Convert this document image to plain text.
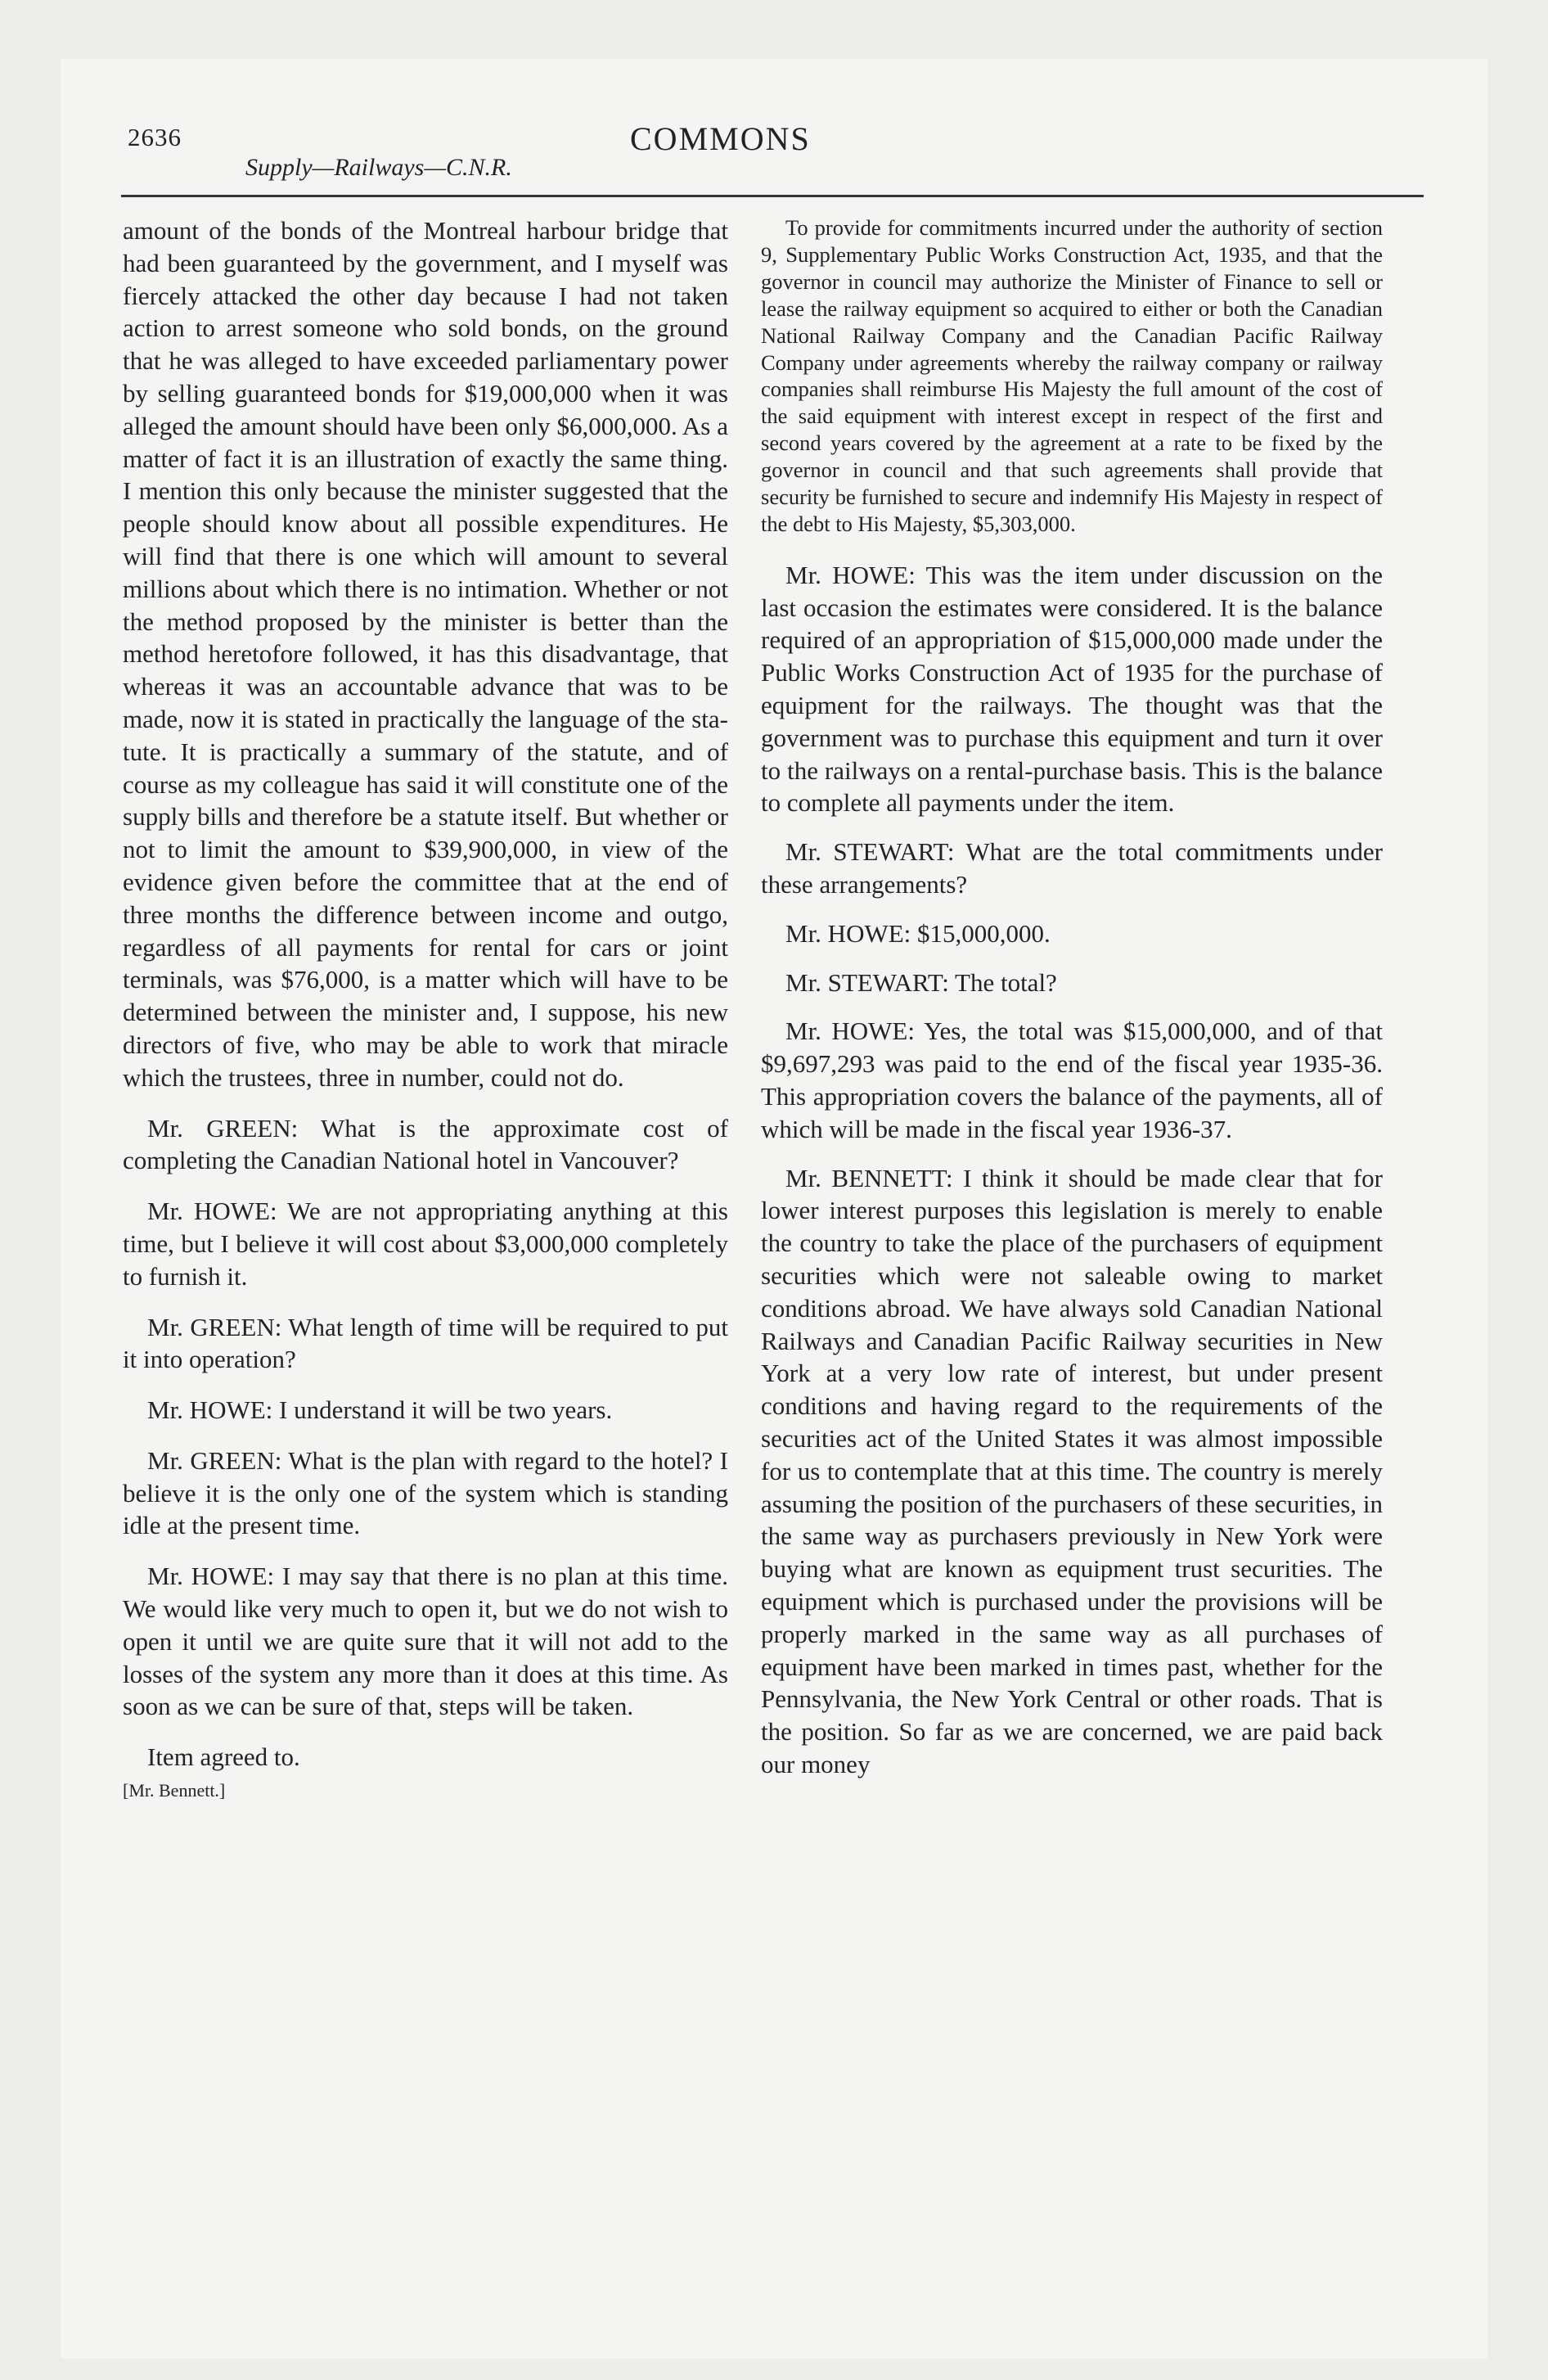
2636
Supply—Railways—C.N.R.
COMMONS

amount of the bonds of the Montreal harbour bridge that had been guaranteed by the government, and I myself was fiercely attacked the other day because I had not taken action to arrest someone who sold bonds, on the ground that he was alleged to have exceeded parliamentary power by selling guaranteed bonds for $19,000,000 when it was alleged the amount should have been only $6,000,000. As a matter of fact it is an illustration of exactly the same thing. I mention this only because the minister suggested that the people should know about all possible expenditures. He will find that there is one which will amount to several millions about which there is no intimation. Whether or not the method proposed by the minister is better than the method heretofore followed, it has this disadvantage, that whereas it was an accountable advance that was to be made, now it is stated in practically the language of the statute. It is practically a summary of the statute, and of course as my colleague has said it will constitute one of the supply bills and therefore be a statute itself. But whether or not to limit the amount to $39,900,000, in view of the evidence given before the committee that at the end of three months the difference between income and outgo, regardless of all payments for rental for cars or joint terminals, was $76,000, is a matter which will have to be determined between the minister and, I suppose, his new directors of five, who may be able to work that miracle which the trustees, three in number, could not do.

Mr. GREEN: What is the approximate cost of completing the Canadian National hotel in Vancouver?

Mr. HOWE: We are not appropriating anything at this time, but I believe it will cost about $3,000,000 completely to furnish it.

Mr. GREEN: What length of time will be required to put it into operation?

Mr. HOWE: I understand it will be two years.

Mr. GREEN: What is the plan with regard to the hotel? I believe it is the only one of the system which is standing idle at the present time.

Mr. HOWE: I may say that there is no plan at this time. We would like very much to open it, but we do not wish to open it until we are quite sure that it will not add to the losses of the system any more than it does at this time. As soon as we can be sure of that, steps will be taken.

Item agreed to.

[Mr. Bennett.]

To provide for commitments incurred under the authority of section 9, Supplementary Public Works Construction Act, 1935, and that the governor in council may authorize the Minister of Finance to sell or lease the railway equipment so acquired to either or both the Canadian National Railway Company and the Canadian Pacific Railway Company under agreements whereby the railway company or railway companies shall reimburse His Majesty the full amount of the cost of the said equipment with interest except in respect of the first and second years covered by the agreement at a rate to be fixed by the governor in council and that such agreements shall provide that security be furnished to secure and indemnify His Majesty in respect of the debt to His Majesty, $5,303,000.

Mr. HOWE: This was the item under discussion on the last occasion the estimates were considered. It is the balance required of an appropriation of $15,000,000 made under the Public Works Construction Act of 1935 for the purchase of equipment for the railways. The thought was that the government was to purchase this equipment and turn it over to the railways on a rental-purchase basis. This is the balance to complete all payments under the item.

Mr. STEWART: What are the total commitments under these arrangements?

Mr. HOWE: $15,000,000.

Mr. STEWART: The total?

Mr. HOWE: Yes, the total was $15,000,000, and of that $9,697,293 was paid to the end of the fiscal year 1935-36. This appropriation covers the balance of the payments, all of which will be made in the fiscal year 1936-37.

Mr. BENNETT: I think it should be made clear that for lower interest purposes this legislation is merely to enable the country to take the place of the purchasers of equipment securities which were not saleable owing to market conditions abroad. We have always sold Canadian National Railways and Canadian Pacific Railway securities in New York at a very low rate of interest, but under present conditions and having regard to the requirements of the securities act of the United States it was almost impossible for us to contemplate that at this time. The country is merely assuming the position of the purchasers of these securities, in the same way as purchasers previously in New York were buying what are known as equipment trust securities. The equipment which is purchased under the provisions will be properly marked in the same way as all purchases of equipment have been marked in times past, whether for the Pennsylvania, the New York Central or other roads. That is the position. So far as we are concerned, we are paid back our money
